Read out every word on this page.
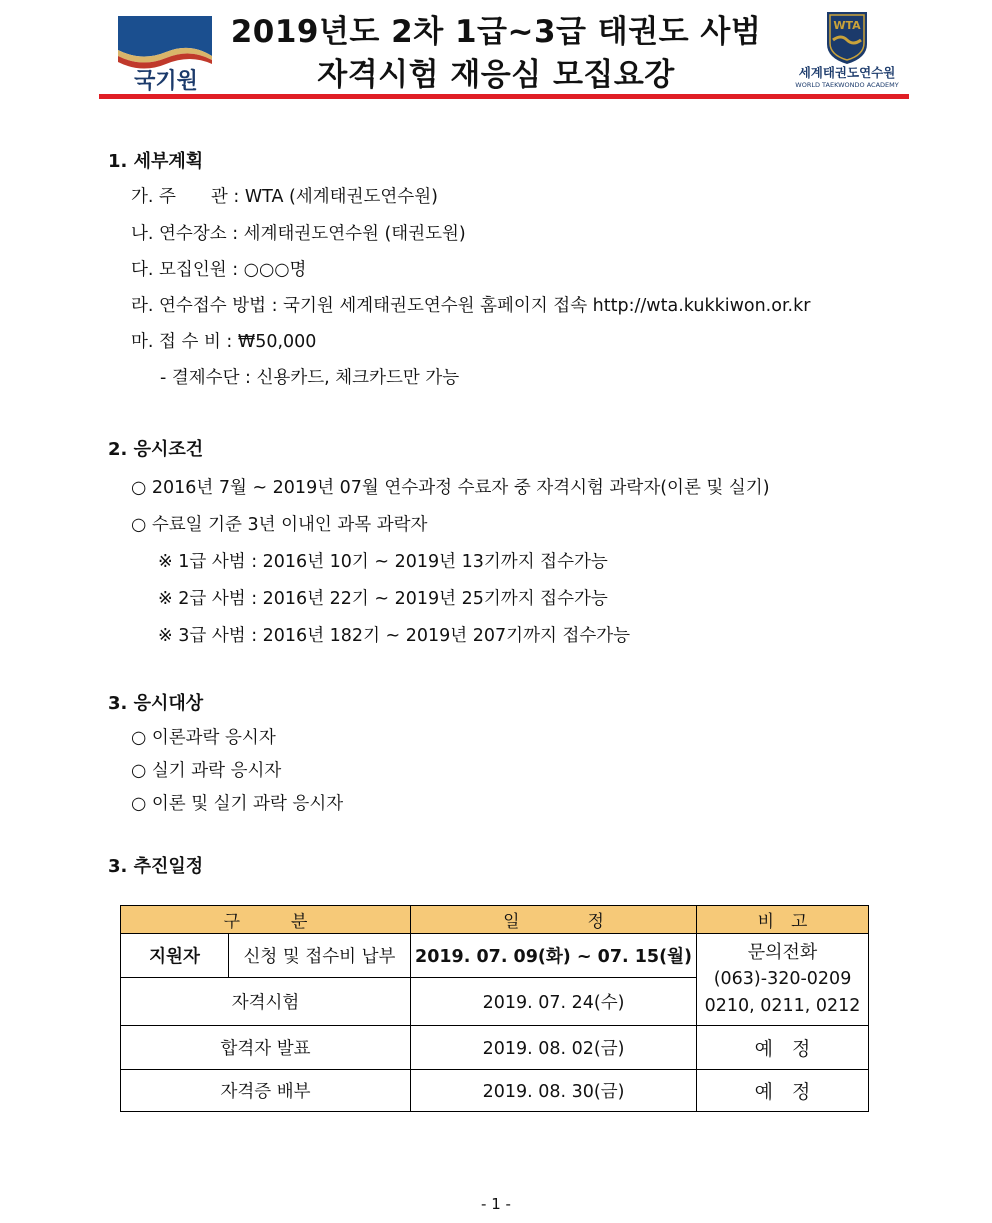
국기원
2019년도 2차 1급~3급 태권도 사범
자격시험 재응심 모집요강
WTA
세계태권도연수원
WORLD TAEKWONDO ACADEMY
1. 세부계획
가. 주　　관 : WTA (세계태권도연수원)
나. 연수장소 : 세계태권도연수원 (태권도원)
다. 모집인원 : ○○○명
라. 연수접수 방법 : 국기원 세계태권도연수원 홈페이지 접속 http://wta.kukkiwon.or.kr
마. 접 수 비 : ₩50,000
- 결제수단 : 신용카드, 체크카드만 가능
2. 응시조건
○ 2016년 7월 ~ 2019년 07월 연수과정 수료자 중 자격시험 과락자(이론 및 실기)
○ 수료일 기준 3년 이내인 과목 과락자
※ 1급 사범 : 2016년 10기 ~ 2019년 13기까지 접수가능
※ 2급 사범 : 2016년 22기 ~ 2019년 25기까지 접수가능
※ 3급 사범 : 2016년 182기 ~ 2019년 207기까지 접수가능
3. 응시대상
○ 이론과락 응시자
○ 실기 과락 응시자
○ 이론 및 실기 과락 응시자
3. 추진일정
구　　　분		일　　　　정	비　고
지원자	신청 및 접수비 납부	2019. 07. 09(화) ~ 07. 15(월)	문의전화
(063)-320-0209
0210, 0211, 0212

자격시험		2019. 07. 24(수)	
합격자 발표		2019. 08. 02(금)	예　정
자격증 배부		2019. 08. 30(금)	예　정
- 1 -
